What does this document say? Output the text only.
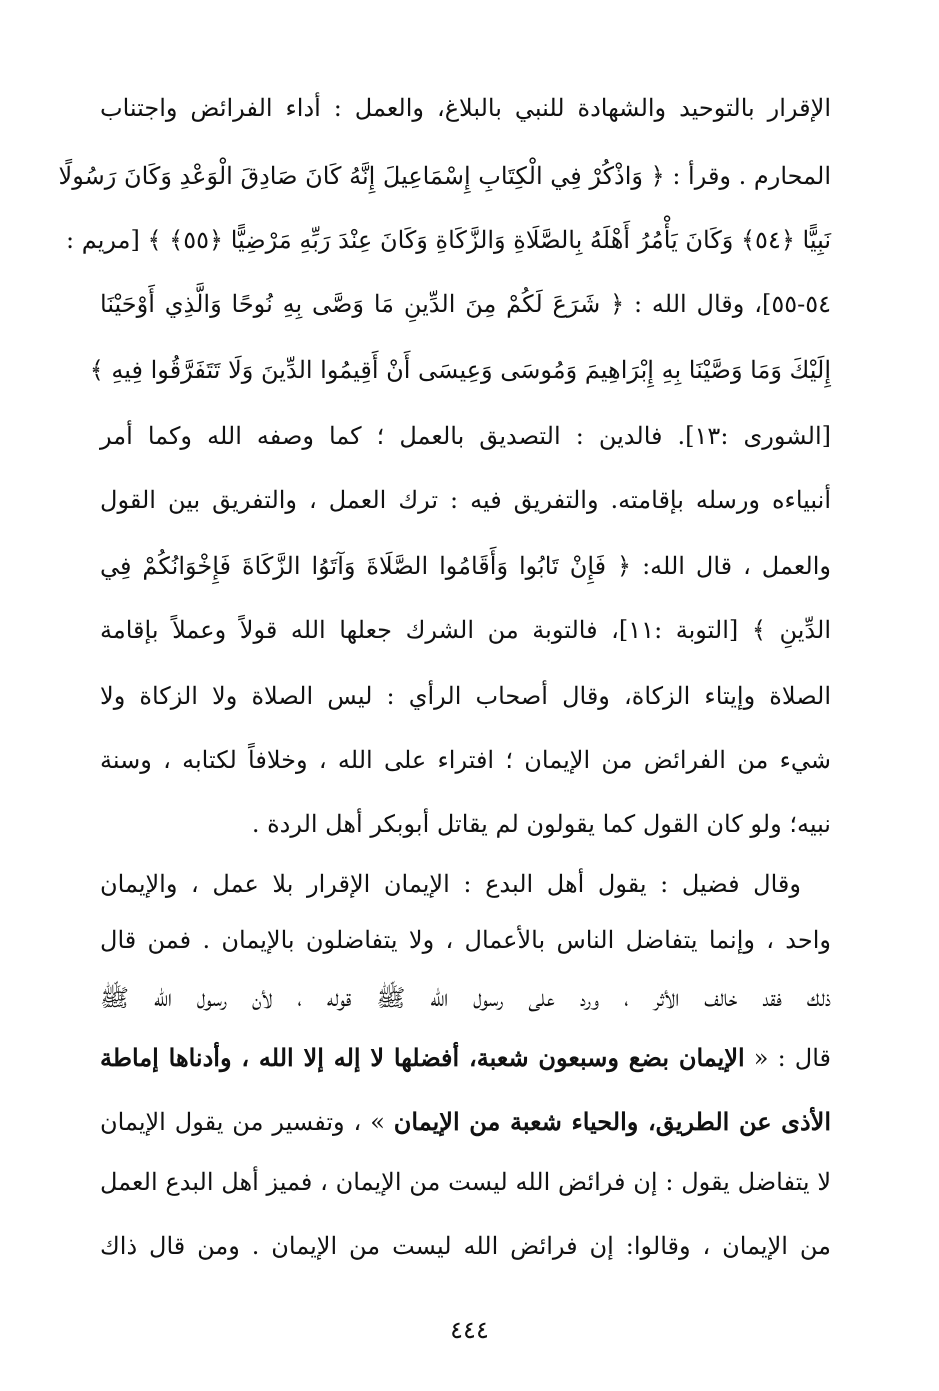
الإقرار بالتوحيد والشهادة للنبي بالبلاغ، والعمل : أداء الفرائض واجتناب
المحارم . وقرأ : ﴿ وَاذْكُرْ فِي الْكِتَابِ إِسْمَاعِيلَ إِنَّهُ كَانَ صَادِقَ الْوَعْدِ وَكَانَ رَسُولًا
نَبِيًّا ﴿٥٤﴾ وَكَانَ يَأْمُرُ أَهْلَهُ بِالصَّلَاةِ وَالزَّكَاةِ وَكَانَ عِنْدَ رَبِّهِ مَرْضِيًّا ﴿٥٥﴾ ﴾ [مريم :
٥٤-٥٥]، وقال الله : ﴿ شَرَعَ لَكُمْ مِنَ الدِّينِ مَا وَصَّى بِهِ نُوحًا وَالَّذِي أَوْحَيْنَا
إِلَيْكَ وَمَا وَصَّيْنَا بِهِ إِبْرَاهِيمَ وَمُوسَى وَعِيسَى أَنْ أَقِيمُوا الدِّينَ وَلَا تَتَفَرَّقُوا فِيهِ ﴾
[الشورى :١٣]. فالدين : التصديق بالعمل ؛ كما وصفه الله وكما أمر
أنبياءه ورسله بإقامته. والتفريق فيه : ترك العمل ، والتفريق بين القول
والعمل ، قال الله: ﴿ فَإِنْ تَابُوا وَأَقَامُوا الصَّلَاةَ وَآتَوُا الزَّكَاةَ فَإِخْوَانُكُمْ فِي
الدِّينِ ﴾ [التوبة :١١]، فالتوبة من الشرك جعلها الله قولاً وعملاً بإقامة
الصلاة وإيتاء الزكاة، وقال أصحاب الرأي : ليس الصلاة ولا الزكاة ولا
شيء من الفرائض من الإيمان ؛ افتراء على الله ، وخلافاً لكتابه ، وسنة
نبيه؛ ولو كان القول كما يقولون لم يقاتل أبوبكر أهل الردة .
وقال فضيل : يقول أهل البدع : الإيمان الإقرار بلا عمل ، والإيمان
واحد ، وإنما يتفاضل الناس بالأعمال ، ولا يتفاضلون بالإيمان . فمن قال
ذلك فقد خالف الأثر ، ورد على رسول الله ﷺ قوله ، لأن رسول الله ﷺ
قال : « الإيمان بضع وسبعون شعبة، أفضلها لا إله إلا الله ، وأدناها إماطة
الأذى عن الطريق، والحياء شعبة من الإيمان » ، وتفسير من يقول الإيمان
لا يتفاضل يقول : إن فرائض الله ليست من الإيمان ، فميز أهل البدع العمل
من الإيمان ، وقالوا: إن فرائض الله ليست من الإيمان . ومن قال ذاك
٤٤٤
